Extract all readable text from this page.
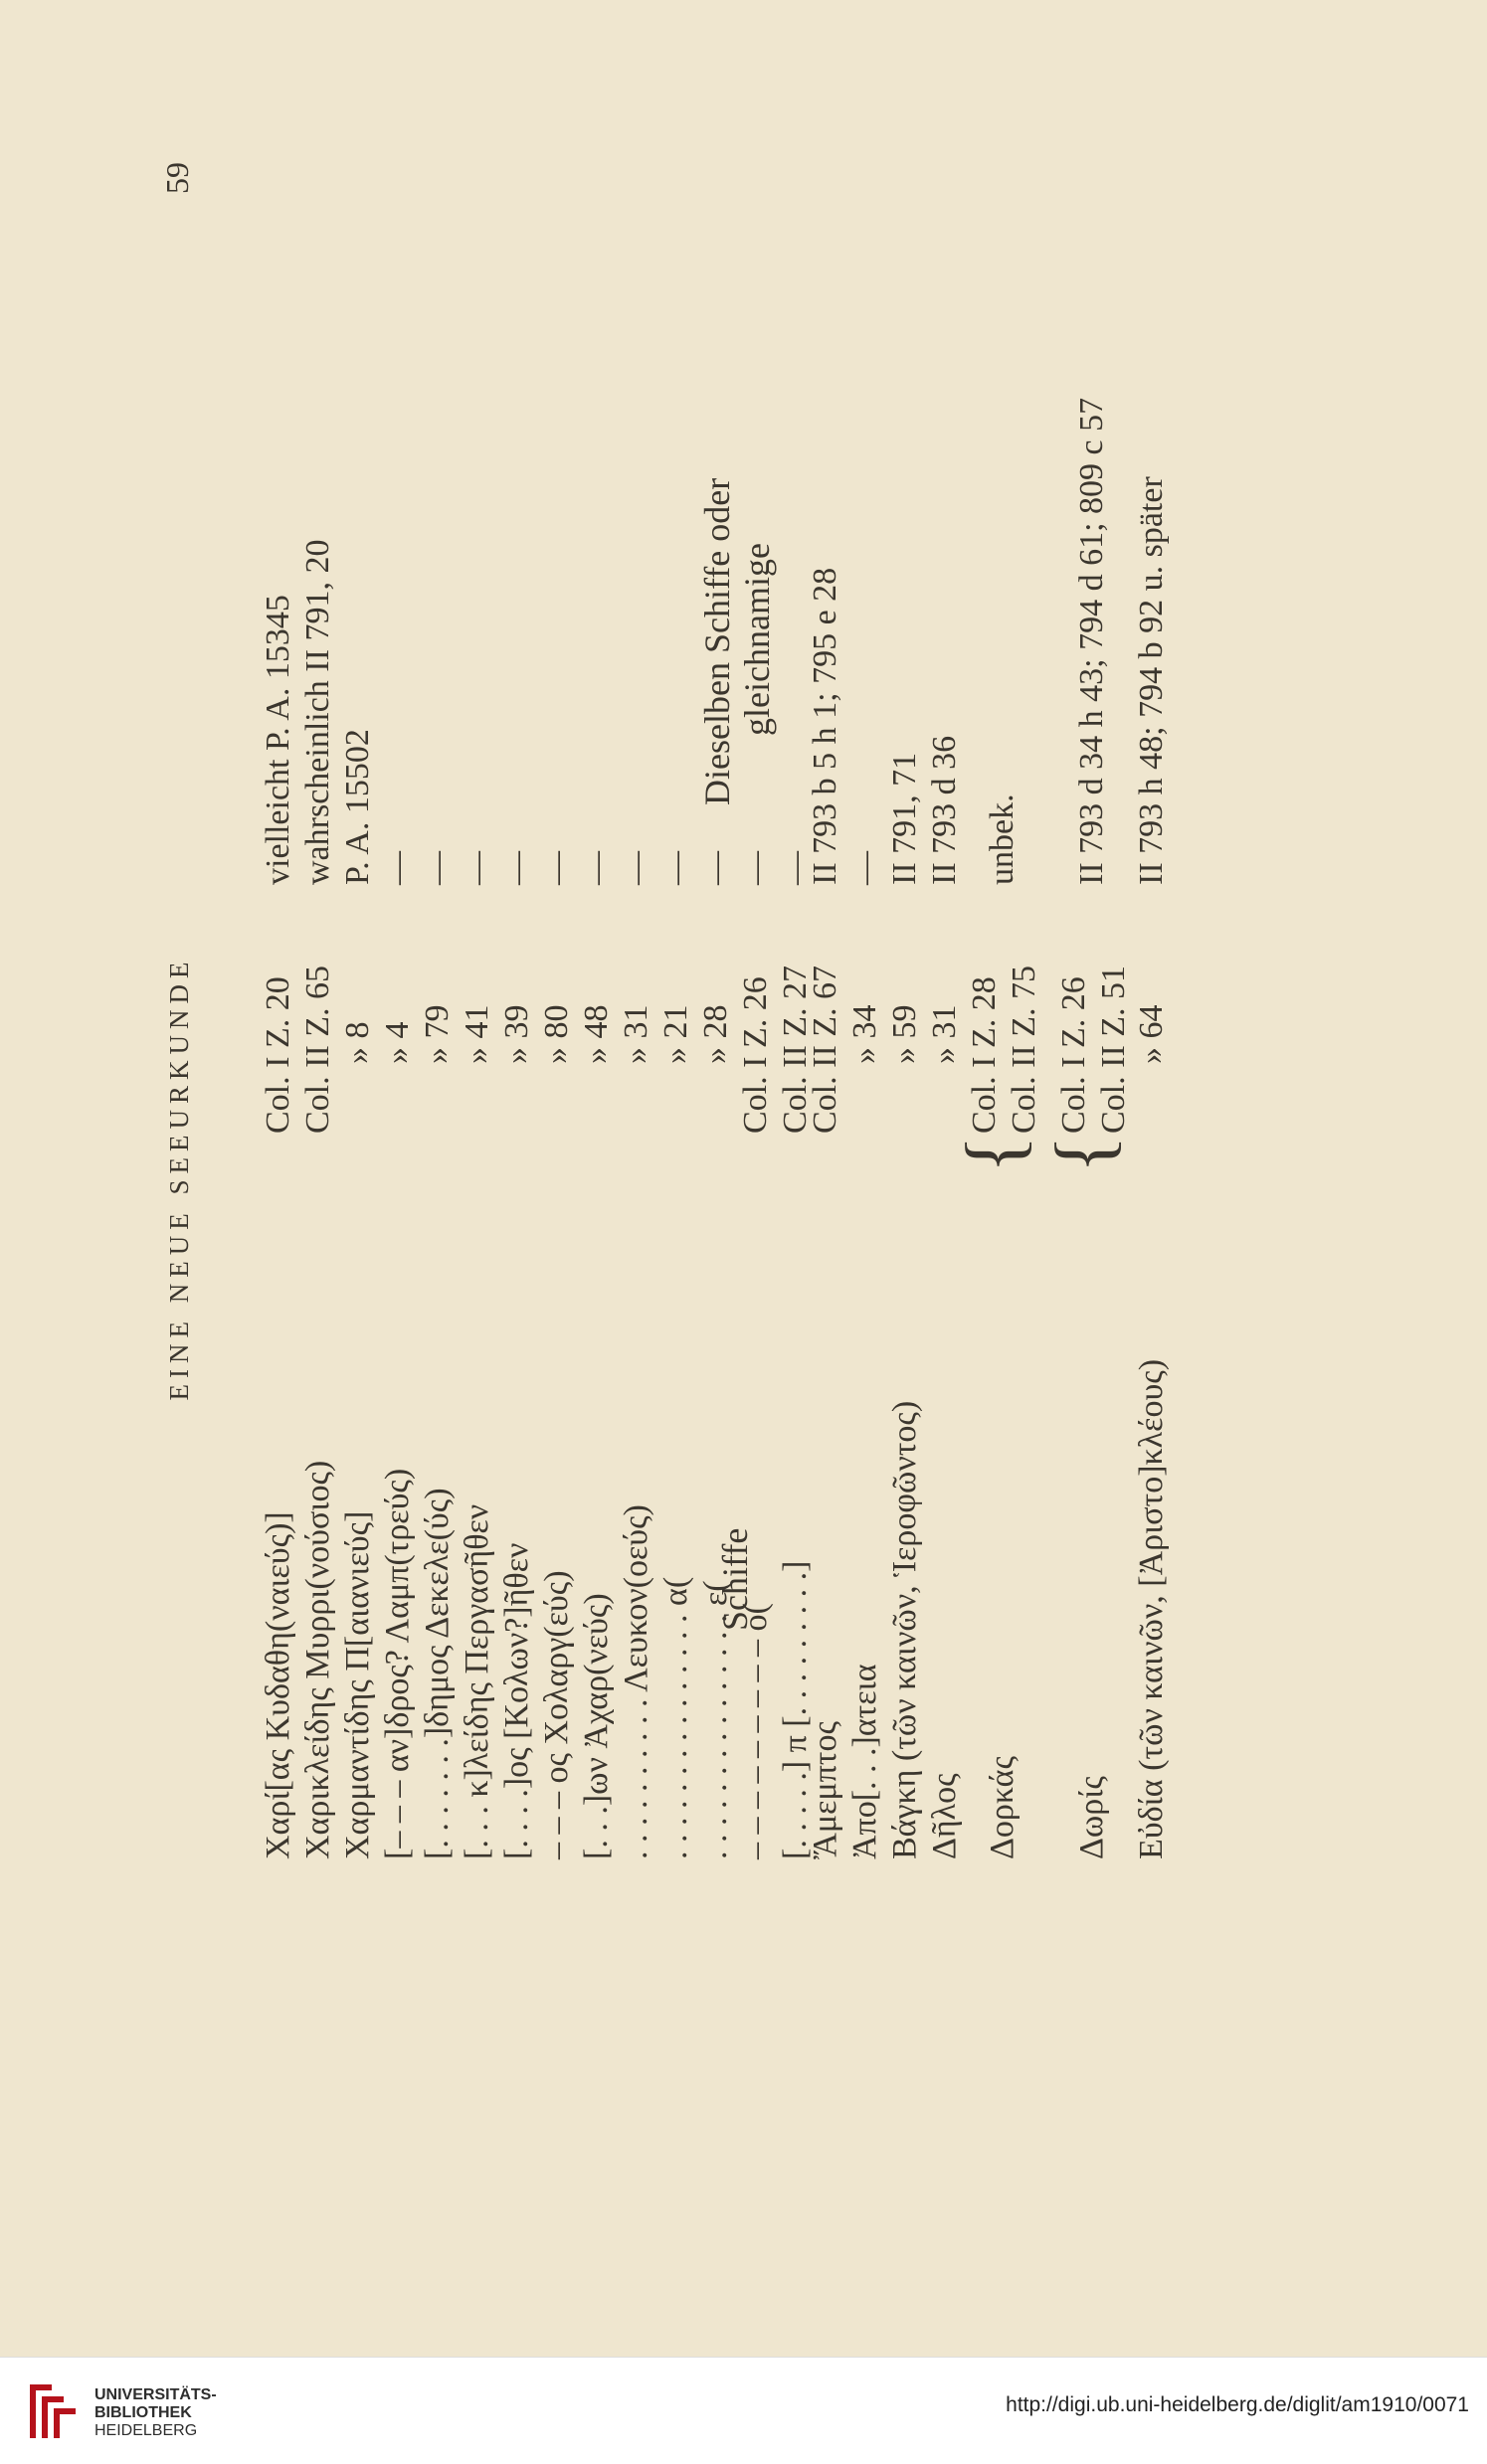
EINE NEUE SEEURKUNDE
59
Χαρί[ας Κυδαθη(ναιεύς)]
Col. I Z. 20
vielleicht P. A. 15345
Χαρικλείδης Μυρρι(νούσιος)
Col. II Z. 65
wahrscheinlich II 791, 20
Χαρμαντίδης Π[αιανιεύς]
» 8
P. A. 15502
[– – – αν]δρος? Λαμπ(τρεύς)
» 4
—
[. . . . . . .]δημος Δεκελε(ύς)
» 79
—
[. . . κ]λείδης Περγασῆθεν
» 41
—
[. . . .]ος [Κολων?]ῆθεν
» 39
—
– – – ος Χολαργ(εύς)
» 80
—
[. . .]ων Ἀχαρ(νεύς)
» 48
—
. . . . . . . . . . Λευκον(οεύς)
» 31
—
. . . . . . . . . . . . . . . α(
» 21
—
. . . . . . . . . . . . . . . ε(
» 28
—
– – – – – – – – – ο(
Col. I Z. 26
—
[. . . . .] π [. . . . . . . . .]
Col. II Z. 27
—
Schiffe
Dieselben Schiffe oder gleichnamige
Ἄμεμπτος
Col. II Z. 67
II 793 b 5 h 1; 795 e 28
Ἀπο[. . .]ατεια
» 34
—
Βάγκη (τῶν καινῶν, Ἱεροφῶντος)
» 59
II 791, 71
Δῆλος
» 31
II 793 d 36
Δορκάς
{
Col. I Z. 28
unbek.
Col. II Z. 75
Δωρίς
{
Col. I Z. 26
II 793 d 34 h 43; 794 d 61; 809 c 57
Col. II Z. 51
Εὐδία (τῶν καινῶν, [Ἀριστο]κλέους)
» 64
II 793 h 48; 794 b 92 u. später
UNIVERSITÄTS-
BIBLIOTHEK
HEIDELBERG
http://digi.ub.uni-heidelberg.de/diglit/am1910/0071
